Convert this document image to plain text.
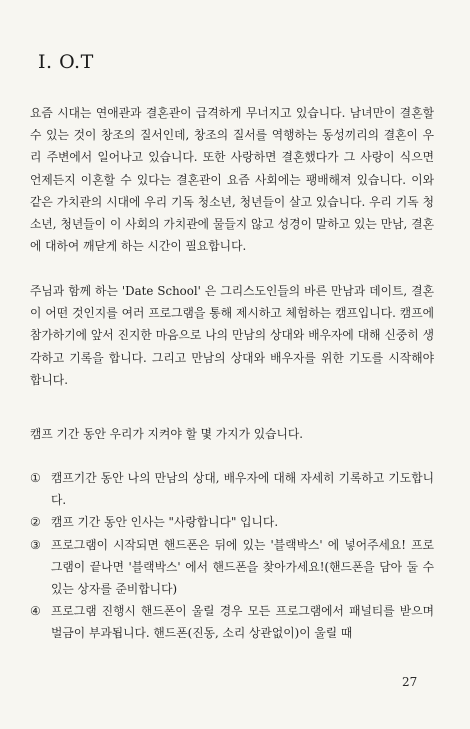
I. O.T

요즘 시대는 연애관과 결혼관이 급격하게 무너지고 있습니다. 남녀만이 결혼할 수 있는 것이 창조의 질서인데, 창조의 질서를 역행하는 동성끼리의 결혼이 우리 주변에서 일어나고 있습니다. 또한 사랑하면 결혼했다가 그 사랑이 식으면 언제든지 이혼할 수 있다는 결혼관이 요즘 사회에는 팽배해져 있습니다. 이와 같은 가치관의 시대에 우리 기독 청소년, 청년들이 살고 있습니다. 우리 기독 청소년, 청년들이 이 사회의 가치관에 물들지 않고 성경이 말하고 있는 만남, 결혼에 대하여 깨닫게 하는 시간이 필요합니다.

주님과 함께 하는 'Date School' 은 그리스도인들의 바른 만남과 데이트, 결혼이 어떤 것인지를 여러 프로그램을 통해 제시하고 체험하는 캠프입니다. 캠프에 참가하기에 앞서 진지한 마음으로 나의 만남의 상대와 배우자에 대해 신중히 생각하고 기록을 합니다. 그리고 만남의 상대와 배우자를 위한 기도를 시작해야 합니다.

캠프 기간 동안 우리가 지켜야 할 몇 가지가 있습니다.

① 캠프기간 동안 나의 만남의 상대, 배우자에 대해 자세히 기록하고 기도합니다.
② 캠프 기간 동안 인사는 "사랑합니다" 입니다.
③ 프로그램이 시작되면 핸드폰은 뒤에 있는 '블랙박스' 에 넣어주세요! 프로그램이 끝나면 '블랙박스' 에서 핸드폰을 찾아가세요!(핸드폰을 담아 둘 수 있는 상자를 준비합니다)
④ 프로그램 진행시 핸드폰이 울릴 경우 모든 프로그램에서 패널티를 받으며 벌금이 부과됩니다. 핸드폰(진동, 소리 상관없이)이 울릴 때
27
